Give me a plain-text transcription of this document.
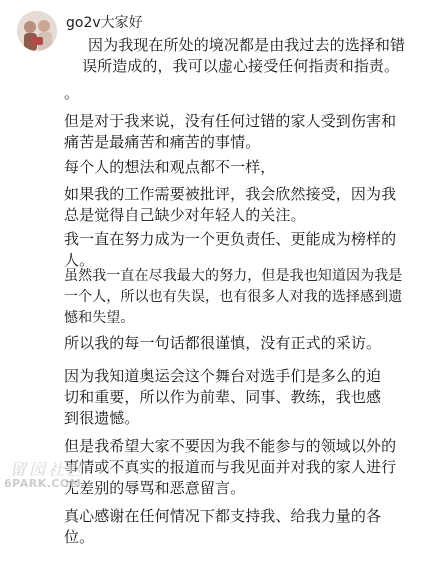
go2v大家好
因为我现在所处的境况都是由我过去的选择和错
误所造成的，我可以虚心接受任何指责和指责。
。
但是对于我来说，没有任何过错的家人受到伤害和
痛苦是最痛苦和痛苦的事情。
每个人的想法和观点都不一样，
如果我的工作需要被批评，我会欣然接受，因为我
总是觉得自己缺少对年轻人的关注。
我一直在努力成为一个更负责任、更能成为榜样的
人。
虽然我一直在尽我最大的努力，但是我也知道因为我是
一个人，所以也有失误，也有很多人对我的选择感到遗
憾和失望。
所以我的每一句话都很谨慎，没有正式的采访。
因为我知道奥运会这个舞台对选手们是多么的迫
切和重要，所以作为前辈、同事、教练，我也感
到很遗憾。
但是我希望大家不要因为我不能参与的领域以外的
事情或不真实的报道而与我见面并对我的家人进行
无差别的辱骂和恶意留言。
真心感谢在任何情况下都支持我、给我力量的各
位。
留园社区
6PARK.COM
